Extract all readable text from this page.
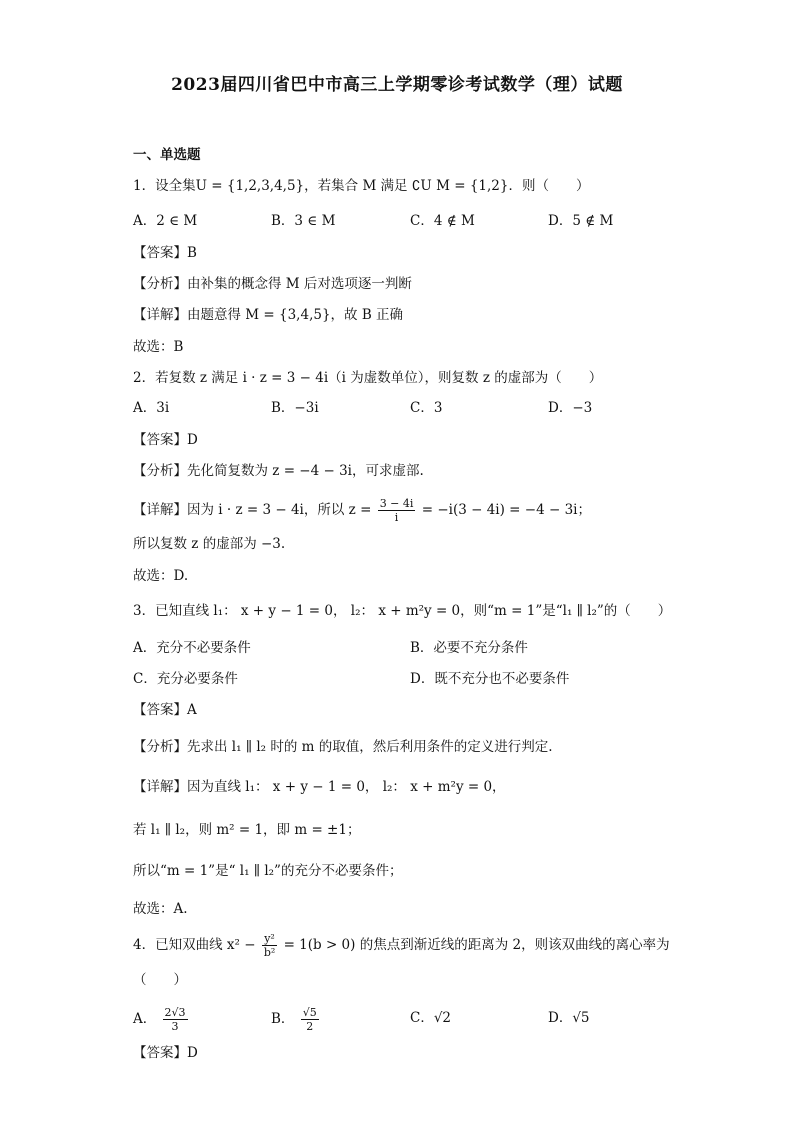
2023届四川省巴中市高三上学期零诊考试数学（理）试题
一、单选题
1．设全集U = {1,2,3,4,5}，若集合 M 满足 ∁U M = {1,2}．则（　　）
A．2 ∈ M	B．3 ∈ M	C．4 ∉ M	D．5 ∉ M
【答案】B
【分析】由补集的概念得 M 后对选项逐一判断
【详解】由题意得 M = {3,4,5}，故 B 正确
故选：B
2．若复数 z 满足 i · z = 3 − 4i（i 为虚数单位），则复数 z 的虚部为（　　）
A．3i	B．−3i	C．3	D．−3
【答案】D
【分析】先化简复数为 z = −4 − 3i，可求虚部.
【详解】因为 i · z = 3 − 4i，所以 $z = \frac{3 - 4i}{i} = -i(3 - 4i) = -4 - 3i$；
所以复数 z 的虚部为 −3.
故选：D.
3．已知直线 l₁： x + y − 1 = 0， l₂： x + m²y = 0，则“m = 1”是“l₁ ∥ l₂”的（　　）
A．充分不必要条件	B．必要不充分条件
C．充分必要条件	D．既不充分也不必要条件
【答案】A
【分析】先求出 l₁ ∥ l₂ 时的 m 的取值，然后利用条件的定义进行判定.
【详解】因为直线 l₁： x + y − 1 = 0， l₂： x + m²y = 0，
若 l₁ ∥ l₂，则 m² = 1，即 m = ±1；
所以“m = 1”是“ l₁ ∥ l₂”的充分不必要条件；
故选：A.
4．已知双曲线 $x^2 - \frac{\text{y²}}{\text{b²}} = 1(b > 0)$ 的焦点到渐近线的距离为 2，则该双曲线的离心率为
（　　）
A． $\frac{2√3}{3}$	B． $\frac{√5}{2}$	C．√2	D．√5
【答案】D
